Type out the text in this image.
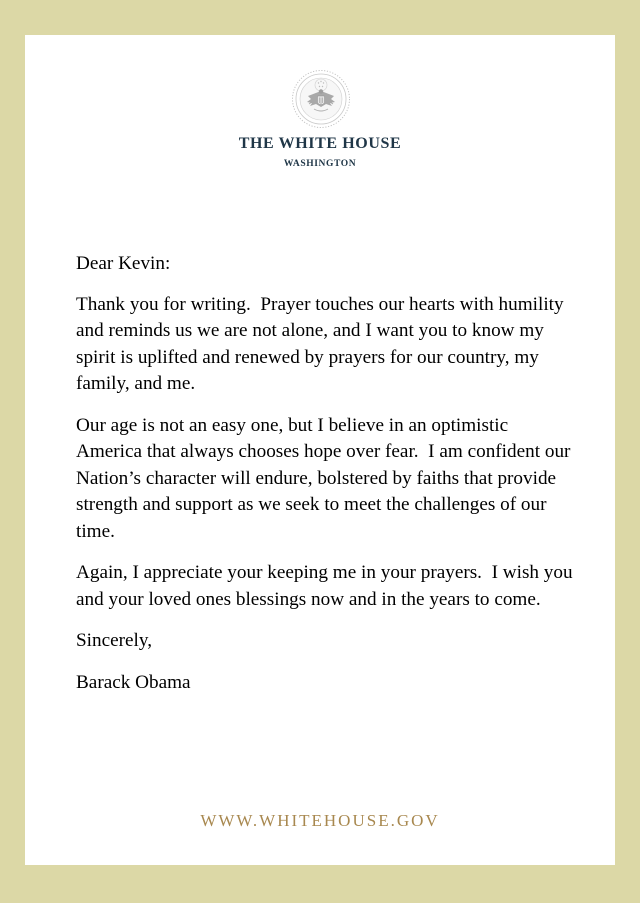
THE WHITE HOUSE
WASHINGTON

Dear Kevin:

Thank you for writing.  Prayer touches our hearts with humility and reminds us we are not alone, and I want you to know my spirit is uplifted and renewed by prayers for our country, my family, and me.

Our age is not an easy one, but I believe in an optimistic America that always chooses hope over fear.  I am confident our Nation’s character will endure, bolstered by faiths that provide strength and support as we seek to meet the challenges of our time.

Again, I appreciate your keeping me in your prayers.  I wish you and your loved ones blessings now and in the years to come.

Sincerely,

Barack Obama

WWW.WHITEHOUSE.GOV
